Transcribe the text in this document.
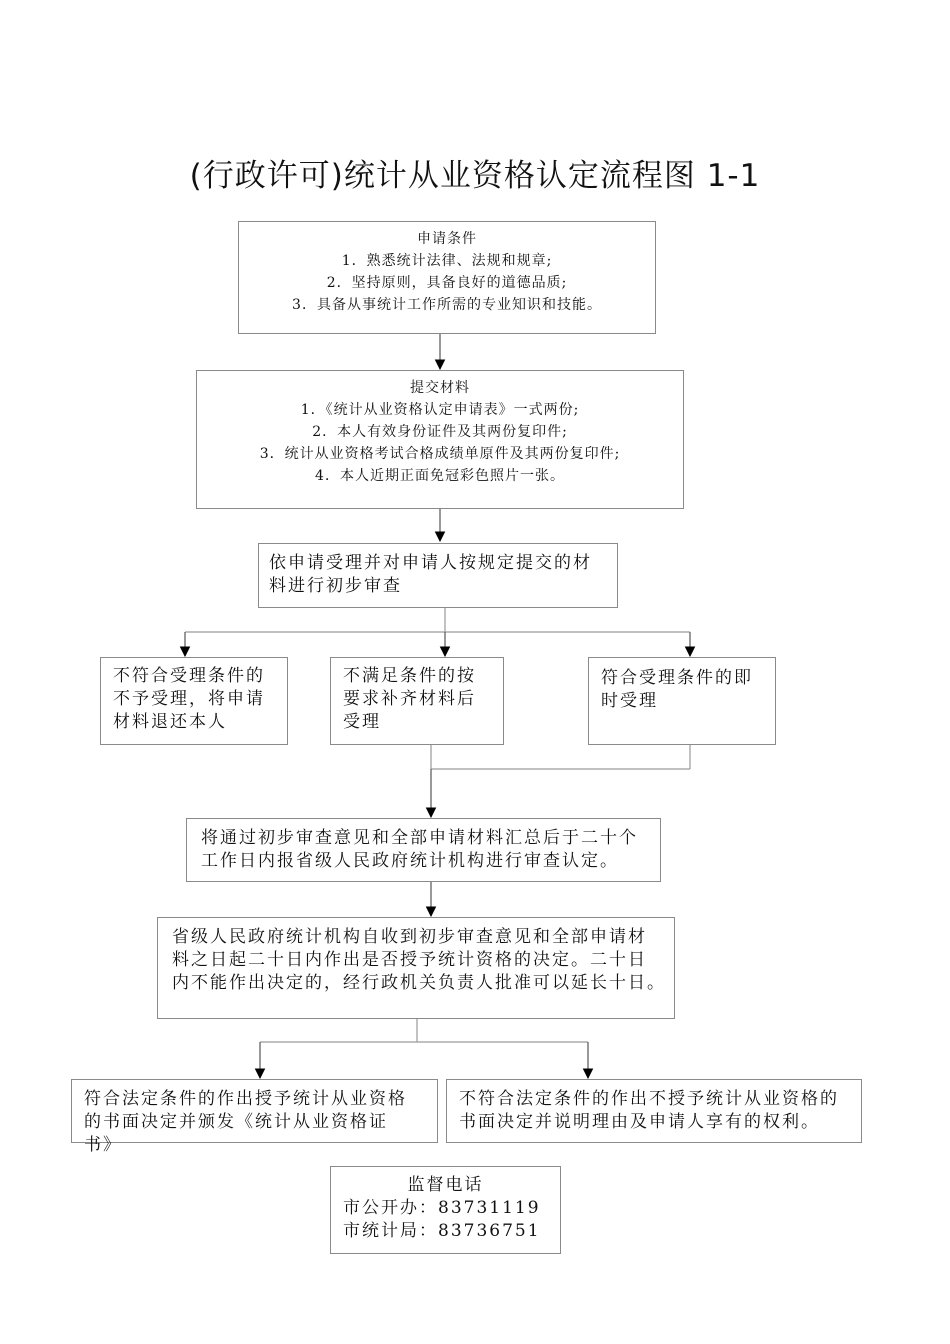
(行政许可)统计从业资格认定流程图 1-1
申请条件
1．熟悉统计法律、法规和规章;
2．坚持原则，具备良好的道德品质;
3．具备从事统计工作所需的专业知识和技能。
提交材料
1．《统计从业资格认定申请表》一式两份;
2．本人有效身份证件及其两份复印件;
3．统计从业资格考试合格成绩单原件及其两份复印件;
4．本人近期正面免冠彩色照片一张。
依申请受理并对申请人按规定提交的材
料进行初步审查
不符合受理条件的
不予受理，将申请
材料退还本人
不满足条件的按
要求补齐材料后
受理
符合受理条件的即
时受理
将通过初步审查意见和全部申请材料汇总后于二十个
工作日内报省级人民政府统计机构进行审查认定。
省级人民政府统计机构自收到初步审查意见和全部申请材
料之日起二十日内作出是否授予统计资格的决定。二十日
内不能作出决定的，经行政机关负责人批准可以延长十日。
符合法定条件的作出授予统计从业资格
的书面决定并颁发《统计从业资格证
书》
不符合法定条件的作出不授予统计从业资格的
书面决定并说明理由及申请人享有的权利。
监督电话
市公开办：83731119
市统计局：83736751
